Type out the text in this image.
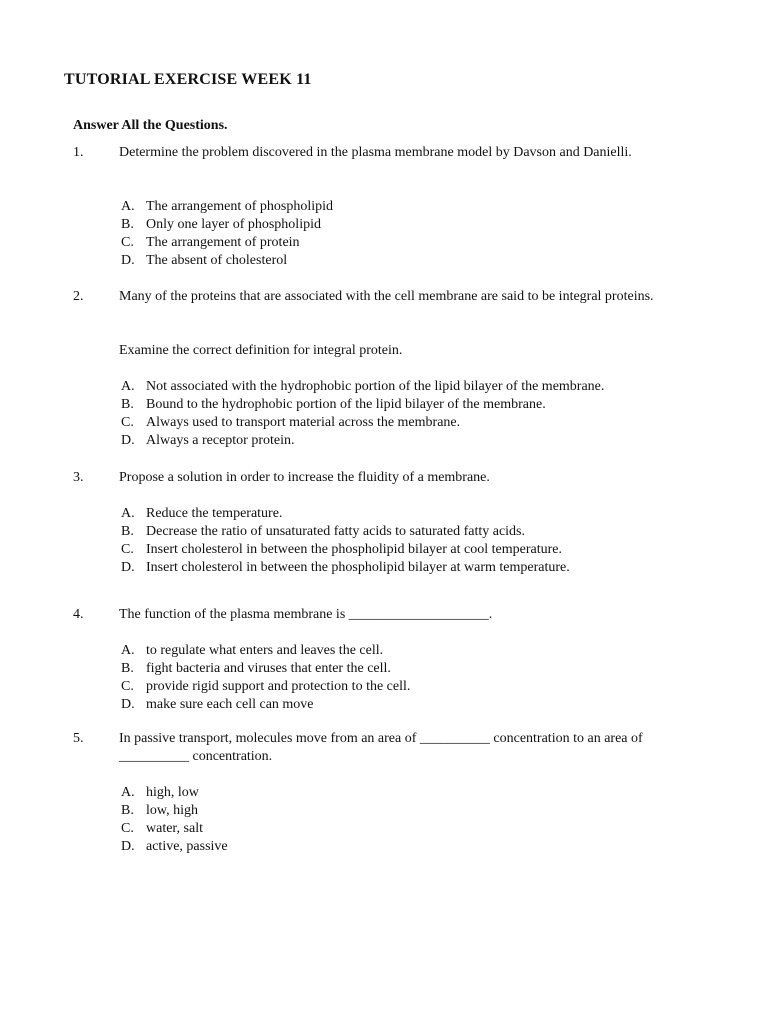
TUTORIAL EXERCISE WEEK 11
Answer All the Questions.
1.	Determine the problem discovered in the plasma membrane model by Davson and Danielli.
A. The arrangement of phospholipid
B. Only one layer of phospholipid
C. The arrangement of protein
D. The absent of cholesterol
2.	Many of the proteins that are associated with the cell membrane are said to be integral proteins.
Examine the correct definition for integral protein.
A. Not associated with the hydrophobic portion of the lipid bilayer of the membrane.
B. Bound to the hydrophobic portion of the lipid bilayer of the membrane.
C. Always used to transport material across the membrane.
D. Always a receptor protein.
3.	Propose a solution in order to increase the fluidity of a membrane.
A. Reduce the temperature.
B. Decrease the ratio of unsaturated fatty acids to saturated fatty acids.
C. Insert cholesterol in between the phospholipid bilayer at cool temperature.
D. Insert cholesterol in between the phospholipid bilayer at warm temperature.
4.	The function of the plasma membrane is ____________________.
A. to regulate what enters and leaves the cell.
B. fight bacteria and viruses that enter the cell.
C. provide rigid support and protection to the cell.
D. make sure each cell can move
5.	In passive transport, molecules move from an area of __________ concentration to an area of __________ concentration.
A. high, low
B. low, high
C. water, salt
D. active, passive
